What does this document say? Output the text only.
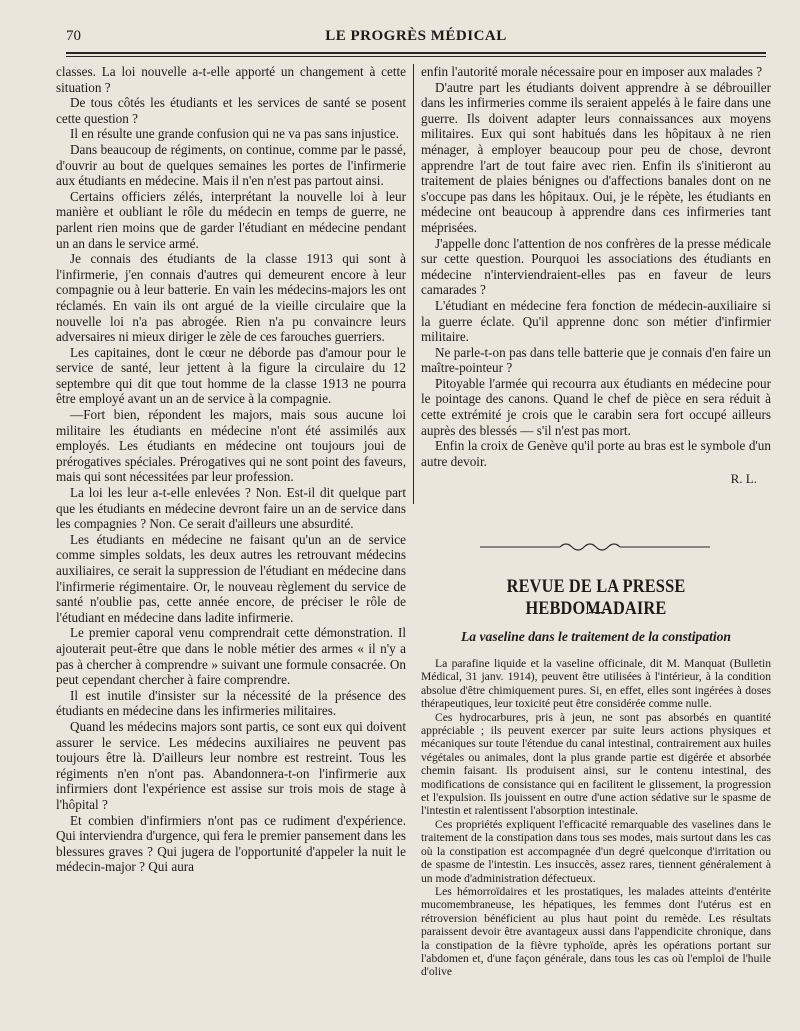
70	LE PROGRÈS MÉDICAL

classes. La loi nouvelle a-t-elle apporté un changement à cette situation ?

De tous côtés les étudiants et les services de santé se posent cette question ?

Il en résulte une grande confusion qui ne va pas sans injustice.

Dans beaucoup de régiments, on continue, comme par le passé, d'ouvrir au bout de quelques semaines les portes de l'infirmerie aux étudiants en médecine. Mais il n'en n'est pas partout ainsi.

Certains officiers zélés, interprétant la nouvelle loi à leur manière et oubliant le rôle du médecin en temps de guerre, ne parlent rien moins que de garder l'étudiant en médecine pendant un an dans le service armé.

Je connais des étudiants de la classe 1913 qui sont à l'infirmerie, j'en connais d'autres qui demeurent encore à leur compagnie ou à leur batterie. En vain les médecins-majors les ont réclamés. En vain ils ont argué de la vieille circulaire que la nouvelle loi n'a pas abrogée. Rien n'a pu convaincre leurs adversaires ni mieux diriger le zèle de ces farouches guerriers.

Les capitaines, dont le cœur ne déborde pas d'amour pour le service de santé, leur jettent à la figure la circulaire du 12 septembre qui dit que tout homme de la classe 1913 ne pourra être employé avant un an de service à la compagnie.

—Fort bien, répondent les majors, mais sous aucune loi militaire les étudiants en médecine n'ont été assimilés aux employés. Les étudiants en médecine ont toujours joui de prérogatives spéciales. Prérogatives qui ne sont point des faveurs, mais qui sont nécessitées par leur profession.

La loi les leur a-t-elle enlevées ? Non. Est-il dit quelque part que les étudiants en médecine devront faire un an de service dans les compagnies ? Non. Ce serait d'ailleurs une absurdité.

Les étudiants en médecine ne faisant qu'un an de service comme simples soldats, les deux autres les retrouvant médecins auxiliaires, ce serait la suppression de l'étudiant en médecine dans l'infirmerie régimentaire. Or, le nouveau règlement du service de santé n'oublie pas, cette année encore, de préciser le rôle de l'étudiant en médecine dans ladite infirmerie.

Le premier caporal venu comprendrait cette démonstration. Il ajouterait peut-être que dans le noble métier des armes « il n'y a pas à chercher à comprendre » suivant une formule consacrée. On peut cependant chercher à faire comprendre.

Il est inutile d'insister sur la nécessité de la présence des étudiants en médecine dans les infirmeries militaires.

Quand les médecins majors sont partis, ce sont eux qui doivent assurer le service. Les médecins auxiliaires ne peuvent pas toujours être là. D'ailleurs leur nombre est restreint. Tous les régiments n'en n'ont pas. Abandonnera-t-on l'infirmerie aux infirmiers dont l'expérience est assise sur trois mois de stage à l'hôpital ?

Et combien d'infirmiers n'ont pas ce rudiment d'expérience. Qui interviendra d'urgence, qui fera le premier pansement dans les blessures graves ? Qui jugera de l'opportunité d'appeler la nuit le médecin-major ? Qui aura

enfin l'autorité morale nécessaire pour en imposer aux malades ?

D'autre part les étudiants doivent apprendre à se débrouiller dans les infirmeries comme ils seraient appelés à le faire dans une guerre. Ils doivent adapter leurs connaissances aux moyens militaires. Eux qui sont habitués dans les hôpitaux à ne rien ménager, à employer beaucoup pour peu de chose, devront apprendre l'art de tout faire avec rien. Enfin ils s'initieront au traitement de plaies bénignes ou d'affections banales dont on ne s'occupe pas dans les hôpitaux. Oui, je le répète, les étudiants en médecine ont beaucoup à apprendre dans ces infirmeries tant méprisées.

J'appelle donc l'attention de nos confrères de la presse médicale sur cette question. Pourquoi les associations des étudiants en médecine n'interviendraient-elles pas en faveur de leurs camarades ?

L'étudiant en médecine fera fonction de médecin-auxiliaire si la guerre éclate. Qu'il apprenne donc son métier d'infirmier militaire.

Ne parle-t-on pas dans telle batterie que je connais d'en faire un maître-pointeur ?

Pitoyable l'armée qui recourra aux étudiants en médecine pour le pointage des canons. Quand le chef de pièce en sera réduit à cette extrémité je crois que le carabin sera fort occupé ailleurs auprès des blessés — s'il n'est pas mort.

Enfin la croix de Genève qu'il porte au bras est le symbole d'un autre devoir.

R. L.
REVUE DE LA PRESSE HEBDOMADAIRE
La vaseline dans le traitement de la constipation

La parafine liquide et la vaseline officinale, dit M. Manquat (Bulletin Médical, 31 janv. 1914), peuvent être utilisées à l'intérieur, à la condition absolue d'être chimiquement pures. Si, en effet, elles sont ingérées à doses thérapeutiques, leur toxicité peut être considérée comme nulle.

Ces hydrocarbures, pris à jeun, ne sont pas absorbés en quantité appréciable ; ils peuvent exercer par suite leurs actions physiques et mécaniques sur toute l'étendue du canal intestinal, contrairement aux huiles végétales ou animales, dont la plus grande partie est digérée et absorbée chemin faisant. Ils produisent ainsi, sur le contenu intestinal, des modifications de consistance qui en facilitent le glissement, la progression et l'expulsion. Ils jouissent en outre d'une action sédative sur le spasme de l'intestin et ralentissent l'absorption intestinale.

Ces propriétés expliquent l'efficacité remarquable des vaselines dans le traitement de la constipation dans tous ses modes, mais surtout dans les cas où la constipation est accompagnée d'un degré quelconque d'irritation ou de spasme de l'intestin. Les insuccès, assez rares, tiennent généralement à un mode d'administration défectueux.

Les hémorroïdaires et les prostatiques, les malades atteints d'entérite mucomembraneuse, les hépatiques, les femmes dont l'utérus est en rétroversion bénéficient au plus haut point du remède. Les résultats paraissent devoir être avantageux aussi dans l'appendicite chronique, dans la constipation de la fièvre typhoïde, après les opérations portant sur l'abdomen et, d'une façon générale, dans tous les cas où l'emploi de l'huile d'olive
